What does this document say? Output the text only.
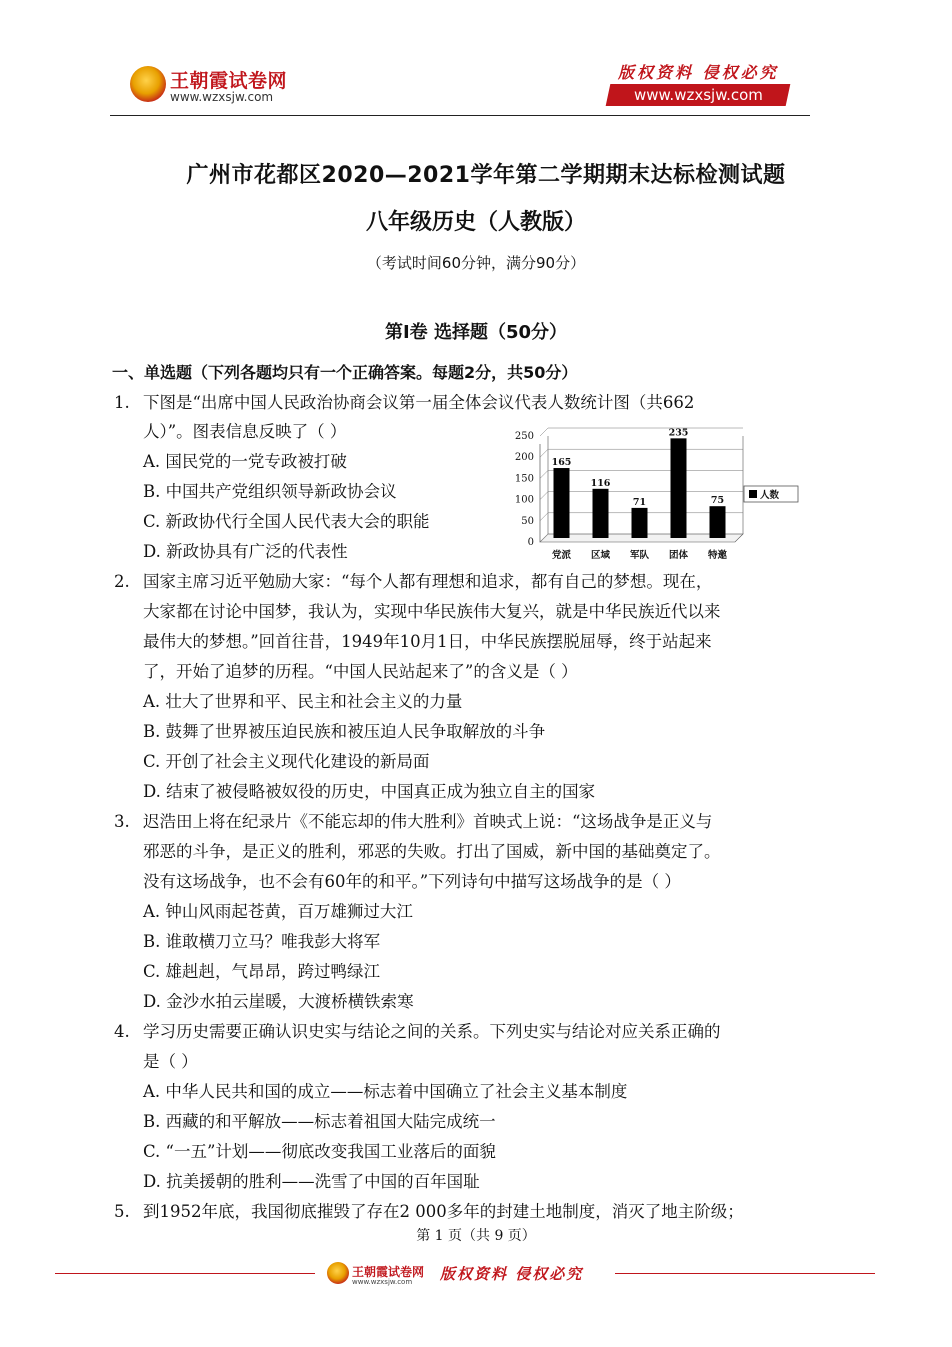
王朝霞试卷网
www.wzxsjw.com
版权资料 侵权必究
www.wzxsjw.com
广州市花都区2020—2021学年第二学期期末达标检测试题
八年级历史（人教版）
（考试时间60分钟，满分90分）
第Ⅰ卷 选择题（50分）
一、单选题（下列各题均只有一个正确答案。每题2分，共50分）
1. 下图是“出席中国人民政治协商会议第一届全体会议代表人数统计图（共662
人）”。图表信息反映了（ ）
A. 国民党的一党专政被打破
B. 中国共产党组织领导新政协会议
C. 新政协代行全国人民代表大会的职能
D. 新政协具有广泛的代表性	0
50
100
150
200
250
165
116
71
235
75
党派 区域 军队 团体 特邀
人数
2. 国家主席习近平勉励大家：“每个人都有理想和追求，都有自己的梦想。现在，
大家都在讨论中国梦，我认为，实现中华民族伟大复兴，就是中华民族近代以来
最伟大的梦想。”回首往昔，1949年10月1日，中华民族摆脱屈辱，终于站起来
了，开始了追梦的历程。“中国人民站起来了”的含义是（ ）
A. 壮大了世界和平、民主和社会主义的力量
B. 鼓舞了世界被压迫民族和被压迫人民争取解放的斗争
C. 开创了社会主义现代化建设的新局面
D. 结束了被侵略被奴役的历史，中国真正成为独立自主的国家
3. 迟浩田上将在纪录片《不能忘却的伟大胜利》首映式上说：“这场战争是正义与
邪恶的斗争，是正义的胜利，邪恶的失败。打出了国威，新中国的基础奠定了。
没有这场战争，也不会有60年的和平。”下列诗句中描写这场战争的是（ ）
A. 钟山风雨起苍黄，百万雄狮过大江
B. 谁敢横刀立马？唯我彭大将军
C. 雄赳赳，气昂昂，跨过鸭绿江
D. 金沙水拍云崖暖，大渡桥横铁索寒
4. 学习历史需要正确认识史实与结论之间的关系。下列史实与结论对应关系正确的
是（ ）
A. 中华人民共和国的成立——标志着中国确立了社会主义基本制度
B. 西藏的和平解放——标志着祖国大陆完成统一
C. “一五”计划——彻底改变我国工业落后的面貌
D. 抗美援朝的胜利——洗雪了中国的百年国耻
5. 到1952年底，我国彻底摧毁了存在2 000多年的封建土地制度，消灭了地主阶级；
第 1 页（共 9 页）
王朝霞试卷网
www.wzxsjw.com 版权资料 侵权必究
